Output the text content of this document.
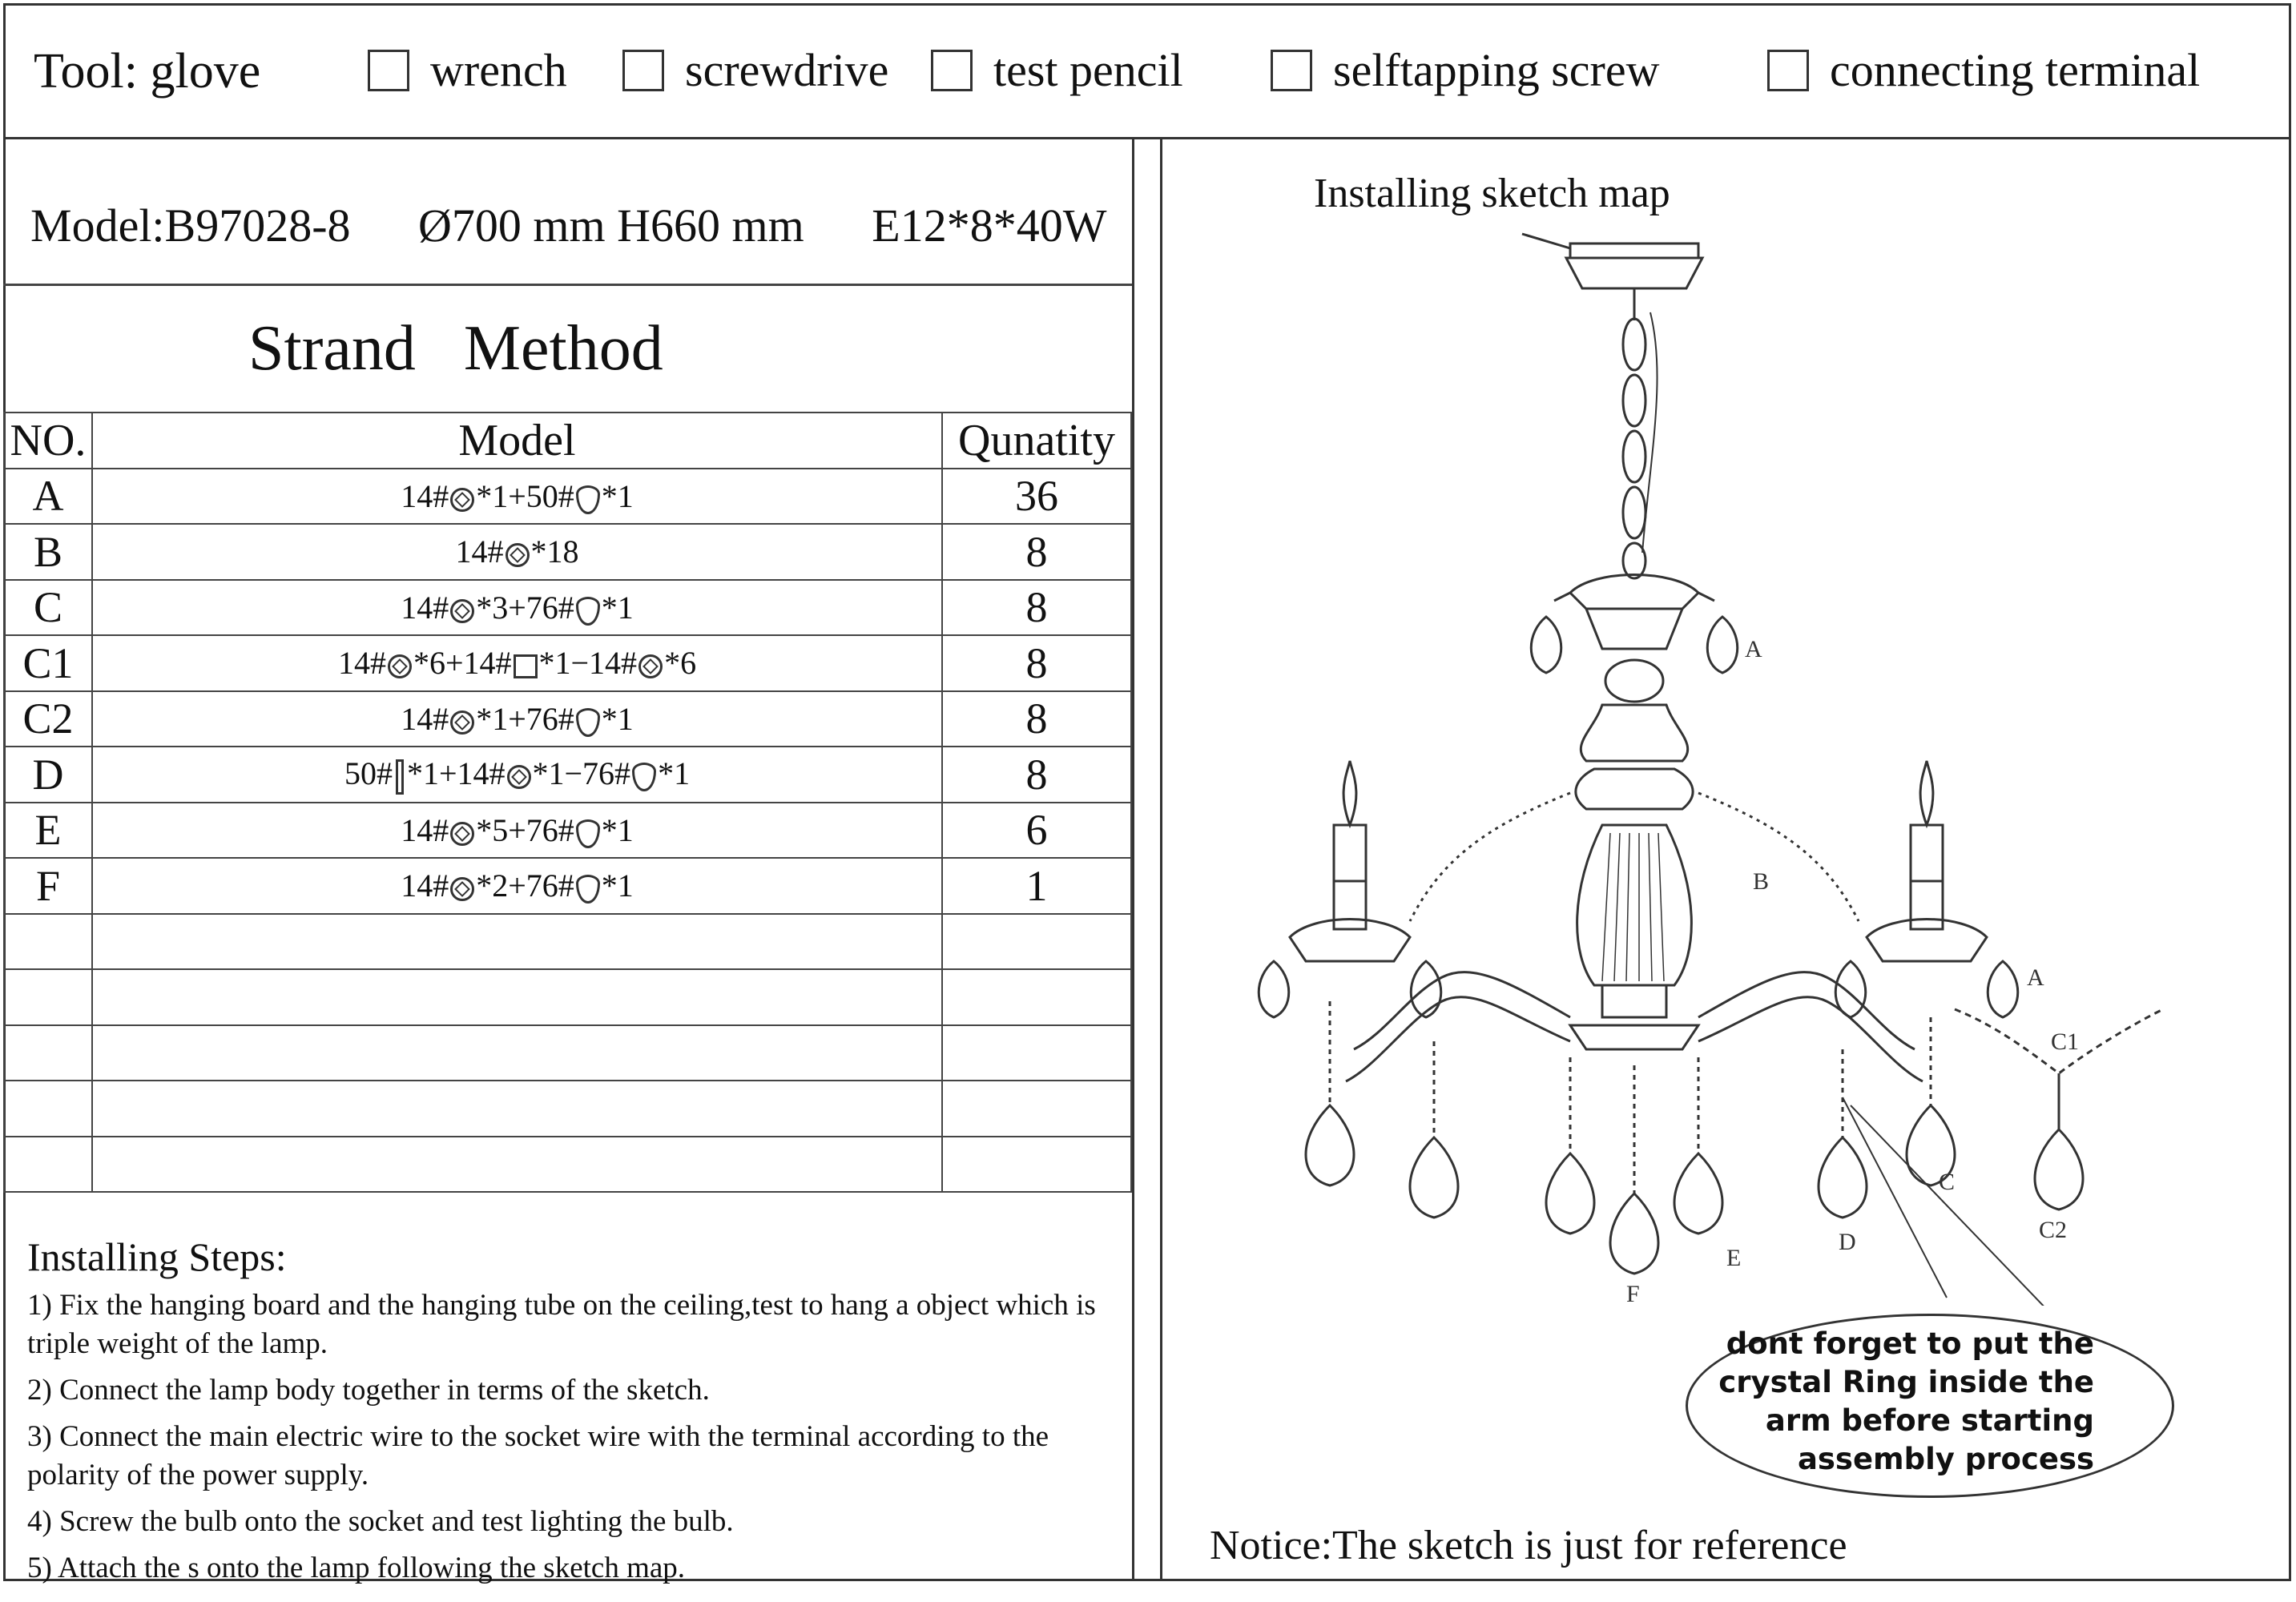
Tool: glove	wrench	screwdrive test pencil	selftapping screw	connecting terminal
Model:B97028-8 Ø700 mm H660 mm E12*8*40W
Strand Method
NO.	Model	Qunatity
A	14# *1+50# *1	36
B	14# *18	8
C	14# *3+76# *1	8
C1	14# *6+14# *1−14# *6	8
C2	14# *1+76# *1	8
D	50# *1+14# *1−76# *1	8
E	14# *5+76# *1	6
F	14# *2+76# *1	1

Installing Steps:

1) Fix the hanging board and the hanging tube on the ceiling,test to hang a object which is triple weight of the lamp.

2) Connect the lamp body together in terms of the sketch.

3) Connect the main electric wire to the socket wire with the terminal according to the polarity of the power supply.

4) Screw the bulb onto the socket and test lighting the bulb.

5) Attach the s onto the lamp following the sketch map.

Installing sketch map
A
B
A
C1
C
C2
D
E
F
dont forget to put the crystal Ring inside the arm before starting assembly process
Notice:The sketch is just for reference
